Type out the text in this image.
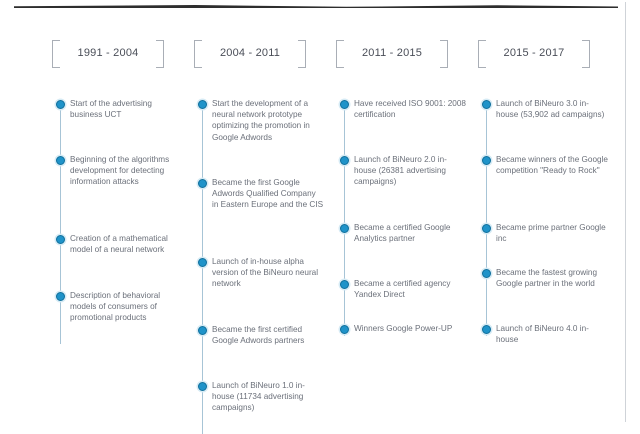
1991 - 2004
Start of the advertising business UCT
Beginning of the algorithms development for detecting information attacks
Creation of a mathematical model of a neural network
Description of behavioral models of consumers of promotional products
2004 - 2011
Start the development of a neural network prototype optimizing the promotion in Google Adwords
Became the first Google Adwords Qualified Company in Eastern Europe and the CIS
Launch of in-house alpha version of the BiNeuro neural network
Became the first certified Google Adwords partners
Launch of BiNeuro 1.0 in-house (11734 advertising campaigns)
2011 - 2015
Have received ISO 9001: 2008 certification
Launch of BiNeuro 2.0 in-house (26381 advertising campaigns)
Became a certified Google Analytics partner
Became a certified agency Yandex Direct
Winners Google Power-UP
2015 - 2017
Launch of BiNeuro 3.0 in-house (53,902 ad campaigns)
Became winners of the Google competition "Ready to Rock"
Became prime partner Google inc
Became the fastest growing Google partner in the world
Launch of BiNeuro 4.0 in-house
